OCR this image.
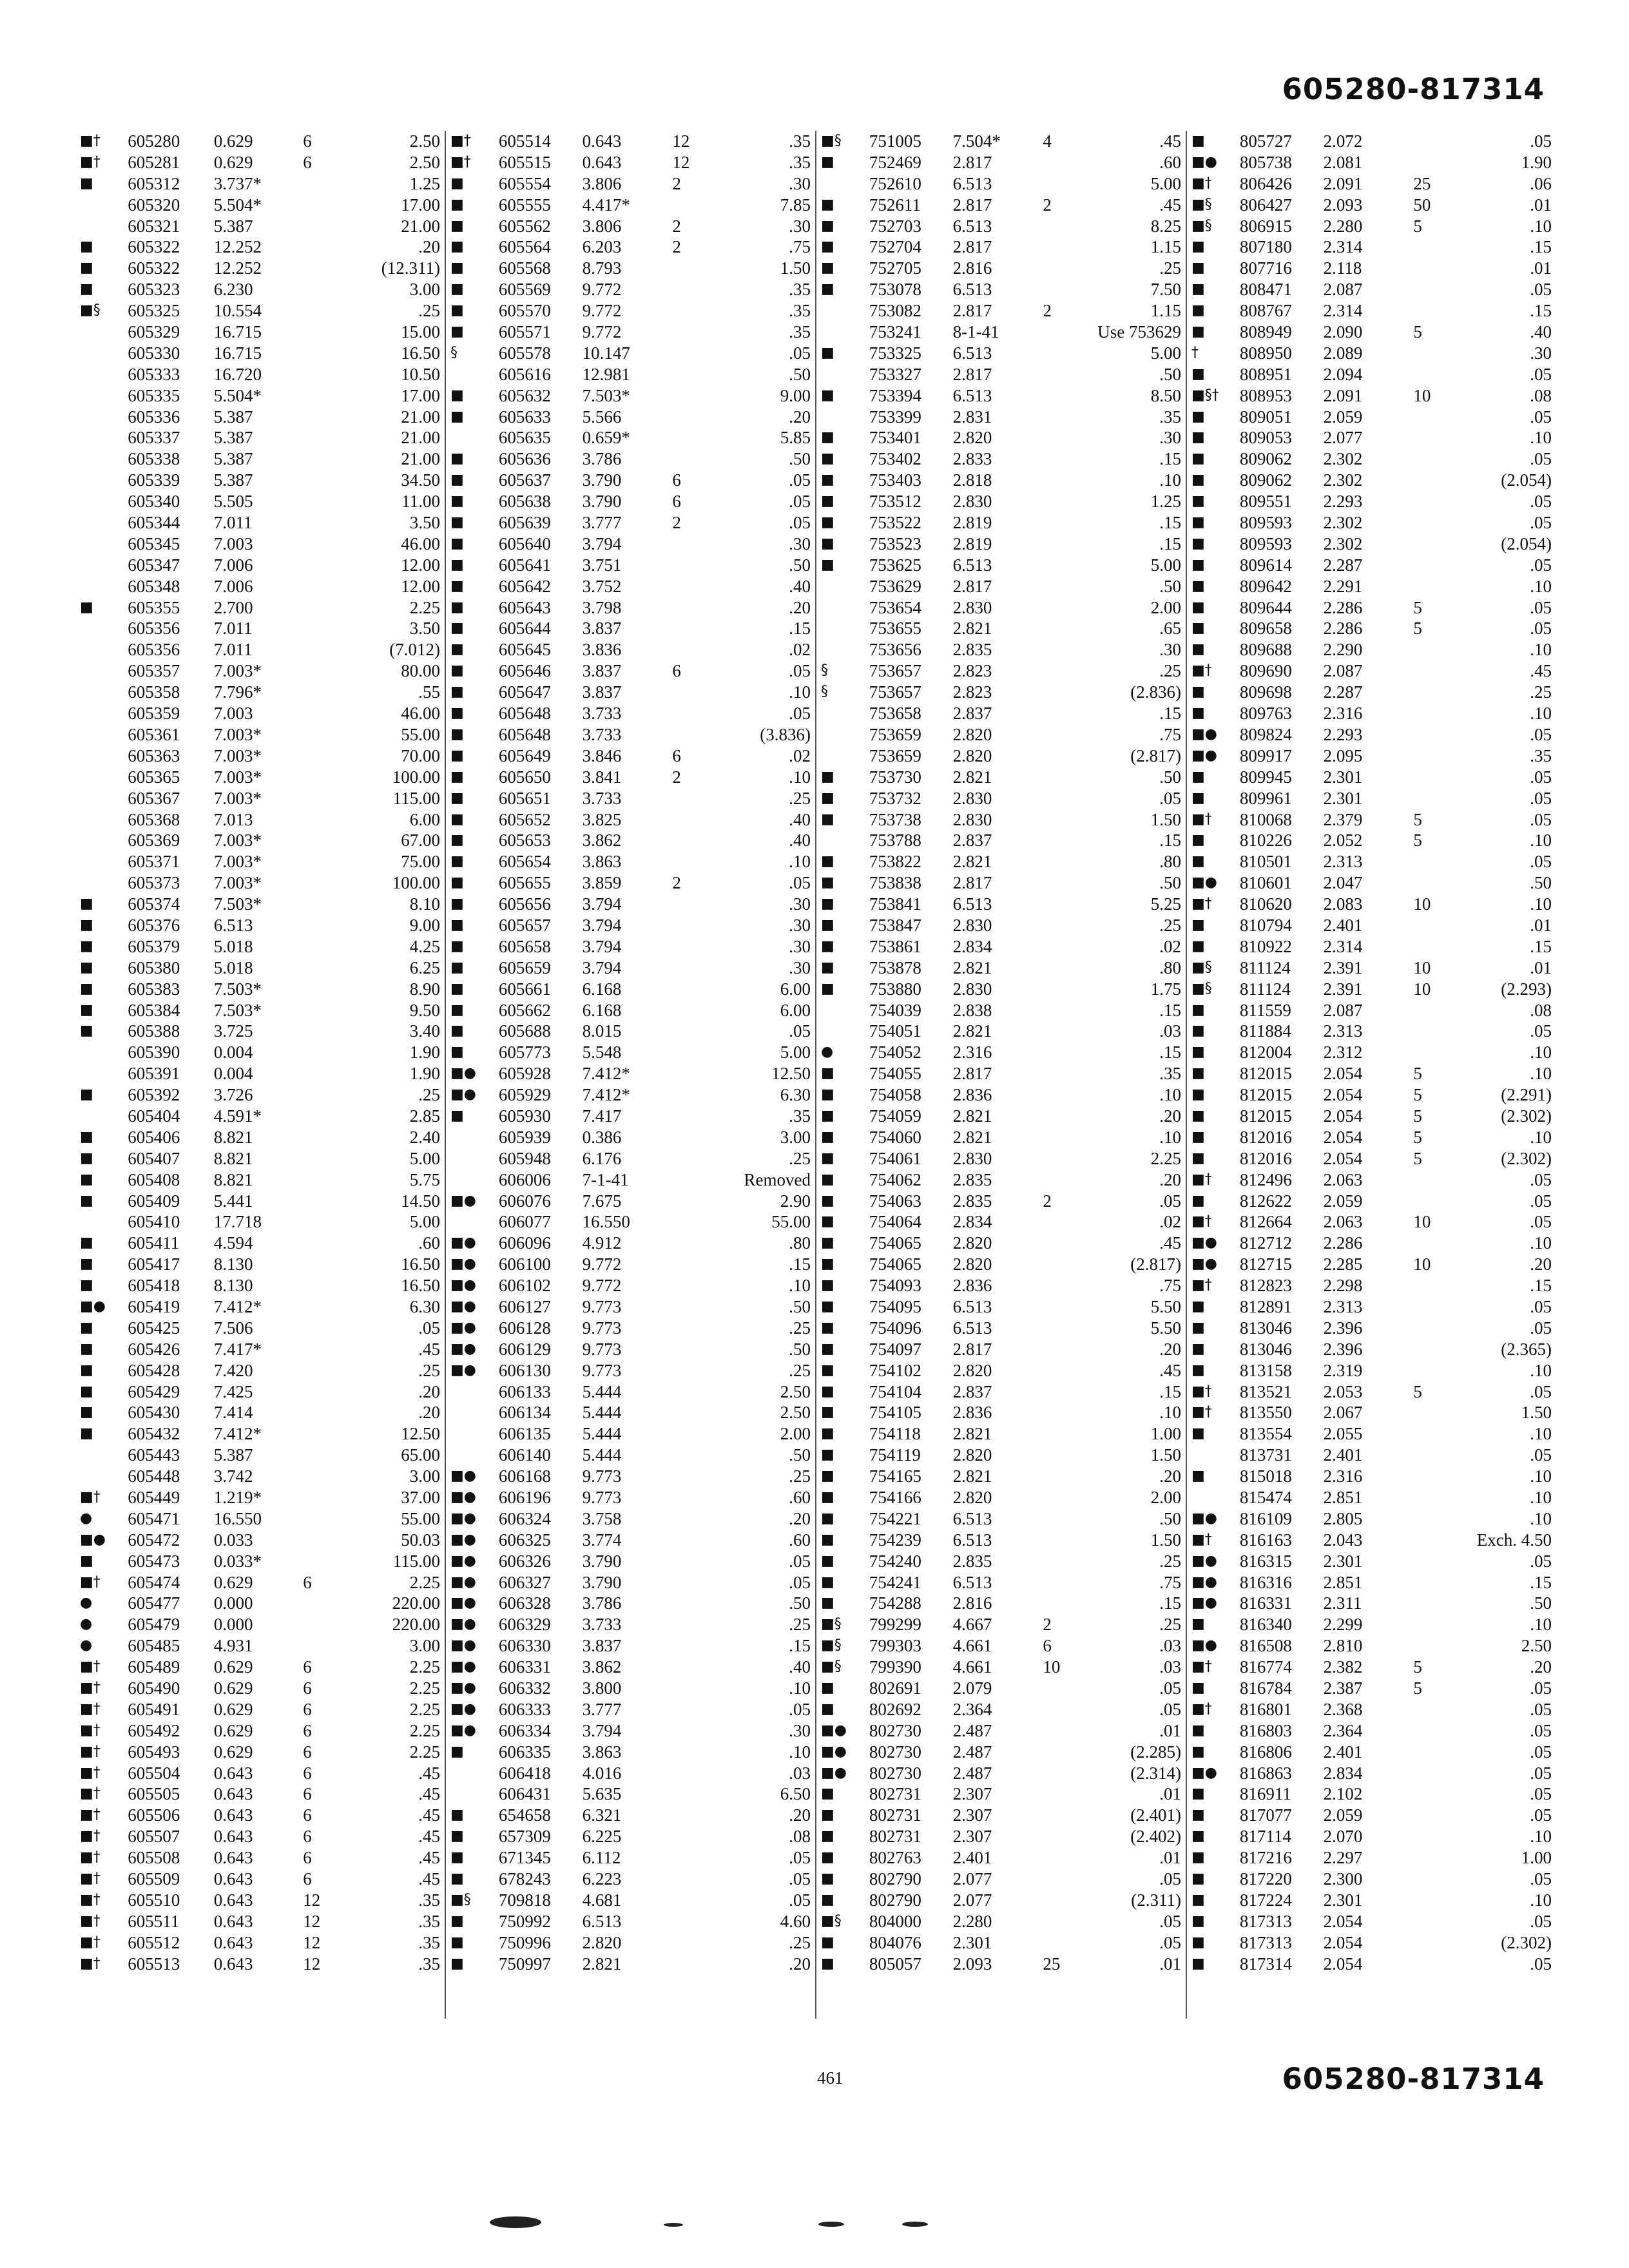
605280-817314
■†	605280	0.629	6	2.50
■†	605281	0.629	6	2.50
■	605312	3.737*	1.25
605320	5.504*	17.00
605321	5.387	21.00
■	605322	12.252	.20
■	605322	12.252	(12.311)
■	605323	6.230	3.00
■§	605325	10.554	.25
605329	16.715	15.00
605330	16.715	16.50
605333	16.720	10.50
605335	5.504*	17.00
605336	5.387	21.00
605337	5.387	21.00
605338	5.387	21.00
605339	5.387	34.50
605340	5.505	11.00
605344	7.011	3.50
605345	7.003	46.00
605347	7.006	12.00
605348	7.006	12.00
■	605355	2.700	2.25
605356	7.011	3.50
605356	7.011	(7.012)
605357	7.003*	80.00
605358	7.796*	.55
605359	7.003	46.00
605361	7.003*	55.00
605363	7.003*	70.00
605365	7.003*	100.00
605367	7.003*	115.00
605368	7.013	6.00
605369	7.003*	67.00
605371	7.003*	75.00
605373	7.003*	100.00
■	605374	7.503*	8.10
■	605376	6.513	9.00
■	605379	5.018	4.25
■	605380	5.018	6.25
■	605383	7.503*	8.90
■	605384	7.503*	9.50
■	605388	3.725	3.40
605390	0.004	1.90
605391	0.004	1.90
■	605392	3.726	.25
605404	4.591*	2.85
■	605406	8.821	2.40
■	605407	8.821	5.00
■	605408	8.821	5.75
■	605409	5.441	14.50
605410	17.718	5.00
■	605411	4.594	.60
■	605417	8.130	16.50
■	605418	8.130	16.50
■●	605419	7.412*	6.30
■	605425	7.506	.05
■	605426	7.417*	.45
■	605428	7.420	.25
■	605429	7.425	.20
■	605430	7.414	.20
■	605432	7.412*	12.50
605443	5.387	65.00
605448	3.742	3.00
■†	605449	1.219*	37.00
●	605471	16.550	55.00
■●	605472	0.033	50.03
■	605473	0.033*	115.00
■†	605474	0.629	6	2.25
●	605477	0.000	220.00
●	605479	0.000	220.00
●	605485	4.931	3.00
■†	605489	0.629	6	2.25
■†	605490	0.629	6	2.25
■†	605491	0.629	6	2.25
■†	605492	0.629	6	2.25
■†	605493	0.629	6	2.25
■†	605504	0.643	6	.45
■†	605505	0.643	6	.45
■†	605506	0.643	6	.45
■†	605507	0.643	6	.45
■†	605508	0.643	6	.45
■†	605509	0.643	6	.45
■†	605510	0.643	12	.35
■†	605511	0.643	12	.35
■†	605512	0.643	12	.35
■†	605513	0.643	12	.35
■†	605514	0.643	12	.35
■†	605515	0.643	12	.35
■	605554	3.806	2	.30
■	605555	4.417*	7.85
■	605562	3.806	2	.30
■	605564	6.203	2	.75
■	605568	8.793	1.50
■	605569	9.772	.35
■	605570	9.772	.35
■	605571	9.772	.35
§	605578	10.147	.05
605616	12.981	.50
■	605632	7.503*	9.00
■	605633	5.566	.20
605635	0.659*	5.85
■	605636	3.786	.50
■	605637	3.790	6	.05
■	605638	3.790	6	.05
■	605639	3.777	2	.05
■	605640	3.794	.30
■	605641	3.751	.50
■	605642	3.752	.40
■	605643	3.798	.20
■	605644	3.837	.15
■	605645	3.836	.02
■	605646	3.837	6	.05
■	605647	3.837	.10
■	605648	3.733	.05
■	605648	3.733	(3.836)
■	605649	3.846	6	.02
■	605650	3.841	2	.10
■	605651	3.733	.25
■	605652	3.825	.40
■	605653	3.862	.40
■	605654	3.863	.10
■	605655	3.859	2	.05
■	605656	3.794	.30
■	605657	3.794	.30
■	605658	3.794	.30
■	605659	3.794	.30
■	605661	6.168	6.00
■	605662	6.168	6.00
■	605688	8.015	.05
■	605773	5.548	5.00
■●	605928	7.412*	12.50
■●	605929	7.412*	6.30
■	605930	7.417	.35
605939	0.386	3.00
605948	6.176	.25
606006	7-1-41	Removed
■●	606076	7.675	2.90
606077	16.550	55.00
■●	606096	4.912	.80
■●	606100	9.772	.15
■●	606102	9.772	.10
■●	606127	9.773	.50
■●	606128	9.773	.25
■●	606129	9.773	.50
■●	606130	9.773	.25
606133	5.444	2.50
606134	5.444	2.50
606135	5.444	2.00
606140	5.444	.50
■●	606168	9.773	.25
■●	606196	9.773	.60
■●	606324	3.758	.20
■●	606325	3.774	.60
■●	606326	3.790	.05
■●	606327	3.790	.05
■●	606328	3.786	.50
■●	606329	3.733	.25
■●	606330	3.837	.15
■●	606331	3.862	.40
■●	606332	3.800	.10
■●	606333	3.777	.05
■●	606334	3.794	.30
■	606335	3.863	.10
606418	4.016	.03
606431	5.635	6.50
■	654658	6.321	.20
■	657309	6.225	.08
■	671345	6.112	.05
■	678243	6.223	.05
■§	709818	4.681	.05
■	750992	6.513	4.60
■	750996	2.820	.25
■	750997	2.821	.20
■§	751005	7.504*	4	.45
■	752469	2.817	.60
752610	6.513	5.00
■	752611	2.817	2	.45
■	752703	6.513	8.25
■	752704	2.817	1.15
■	752705	2.816	.25
■	753078	6.513	7.50
753082	2.817	2	1.15
753241	8-1-41	Use 753629
■	753325	6.513	5.00
753327	2.817	.50
■	753394	6.513	8.50
753399	2.831	.35
■	753401	2.820	.30
■	753402	2.833	.15
■	753403	2.818	.10
■	753512	2.830	1.25
■	753522	2.819	.15
■	753523	2.819	.15
■	753625	6.513	5.00
753629	2.817	.50
753654	2.830	2.00
753655	2.821	.65
753656	2.835	.30
§	753657	2.823	.25
§	753657	2.823	(2.836)
753658	2.837	.15
753659	2.820	.75
753659	2.820	(2.817)
■	753730	2.821	.50
■	753732	2.830	.05
■	753738	2.830	1.50
753788	2.837	.15
■	753822	2.821	.80
■	753838	2.817	.50
■	753841	6.513	5.25
■	753847	2.830	.25
■	753861	2.834	.02
■	753878	2.821	.80
■	753880	2.830	1.75
754039	2.838	.15
754051	2.821	.03
●	754052	2.316	.15
■	754055	2.817	.35
■	754058	2.836	.10
■	754059	2.821	.20
■	754060	2.821	.10
■	754061	2.830	2.25
■	754062	2.835	.20
■	754063	2.835	2	.05
■	754064	2.834	.02
■	754065	2.820	.45
■	754065	2.820	(2.817)
■	754093	2.836	.75
■	754095	6.513	5.50
■	754096	6.513	5.50
■	754097	2.817	.20
■	754102	2.820	.45
■	754104	2.837	.15
■	754105	2.836	.10
■	754118	2.821	1.00
■	754119	2.820	1.50
■	754165	2.821	.20
■	754166	2.820	2.00
■	754221	6.513	.50
■	754239	6.513	1.50
■	754240	2.835	.25
■	754241	6.513	.75
■	754288	2.816	.15
■§	799299	4.667	2	.25
■§	799303	4.661	6	.03
■§	799390	4.661	10	.03
■	802691	2.079	.05
■	802692	2.364	.05
■●	802730	2.487	.01
■●	802730	2.487	(2.285)
■●	802730	2.487	(2.314)
■	802731	2.307	.01
■	802731	2.307	(2.401)
■	802731	2.307	(2.402)
■	802763	2.401	.01
■	802790	2.077	.05
■	802790	2.077	(2.311)
■§	804000	2.280	.05
■	804076	2.301	.05
■	805057	2.093	25	.01
■	805727	2.072	.05
■●	805738	2.081	1.90
■†	806426	2.091	25	.06
■§	806427	2.093	50	.01
■§	806915	2.280	5	.10
■	807180	2.314	.15
■	807716	2.118	.01
■	808471	2.087	.05
■	808767	2.314	.15
■	808949	2.090	5	.40
†	808950	2.089	.30
■	808951	2.094	.05
■§†	808953	2.091	10	.08
■	809051	2.059	.05
■	809053	2.077	.10
■	809062	2.302	.05
■	809062	2.302	(2.054)
■	809551	2.293	.05
■	809593	2.302	.05
■	809593	2.302	(2.054)
■	809614	2.287	.05
■	809642	2.291	.10
■	809644	2.286	5	.05
■	809658	2.286	5	.05
■	809688	2.290	.10
■†	809690	2.087	.45
■	809698	2.287	.25
■	809763	2.316	.10
■●	809824	2.293	.05
■●	809917	2.095	.35
■	809945	2.301	.05
■	809961	2.301	.05
■†	810068	2.379	5	.05
■	810226	2.052	5	.10
■	810501	2.313	.05
■●	810601	2.047	.50
■†	810620	2.083	10	.10
■	810794	2.401	.01
■	810922	2.314	.15
■§	811124	2.391	10	.01
■§	811124	2.391	10	(2.293)
■	811559	2.087	.08
■	811884	2.313	.05
■	812004	2.312	.10
■	812015	2.054	5	.10
■	812015	2.054	5	(2.291)
■	812015	2.054	5	(2.302)
■	812016	2.054	5	.10
■	812016	2.054	5	(2.302)
■†	812496	2.063	.05
■	812622	2.059	.05
■†	812664	2.063	10	.05
■●	812712	2.286	.10
■●	812715	2.285	10	.20
■†	812823	2.298	.15
■	812891	2.313	.05
■	813046	2.396	.05
■	813046	2.396	(2.365)
■	813158	2.319	.10
■†	813521	2.053	5	.05
■†	813550	2.067	1.50
■	813554	2.055	.10
813731	2.401	.05
■	815018	2.316	.10
815474	2.851	.10
■●	816109	2.805	.10
■†	816163	2.043	Exch. 4.50
■●	816315	2.301	.05
■●	816316	2.851	.15
■●	816331	2.311	.50
■	816340	2.299	.10
■●	816508	2.810	2.50
■†	816774	2.382	5	.20
■	816784	2.387	5	.05
■†	816801	2.368	.05
■	816803	2.364	.05
■	816806	2.401	.05
■●	816863	2.834	.05
■	816911	2.102	.05
■	817077	2.059	.05
■	817114	2.070	.10
■	817216	2.297	1.00
■	817220	2.300	.05
■	817224	2.301	.10
■	817313	2.054	.05
■	817313	2.054	(2.302)
■	817314	2.054	.05
461	605280-817314
